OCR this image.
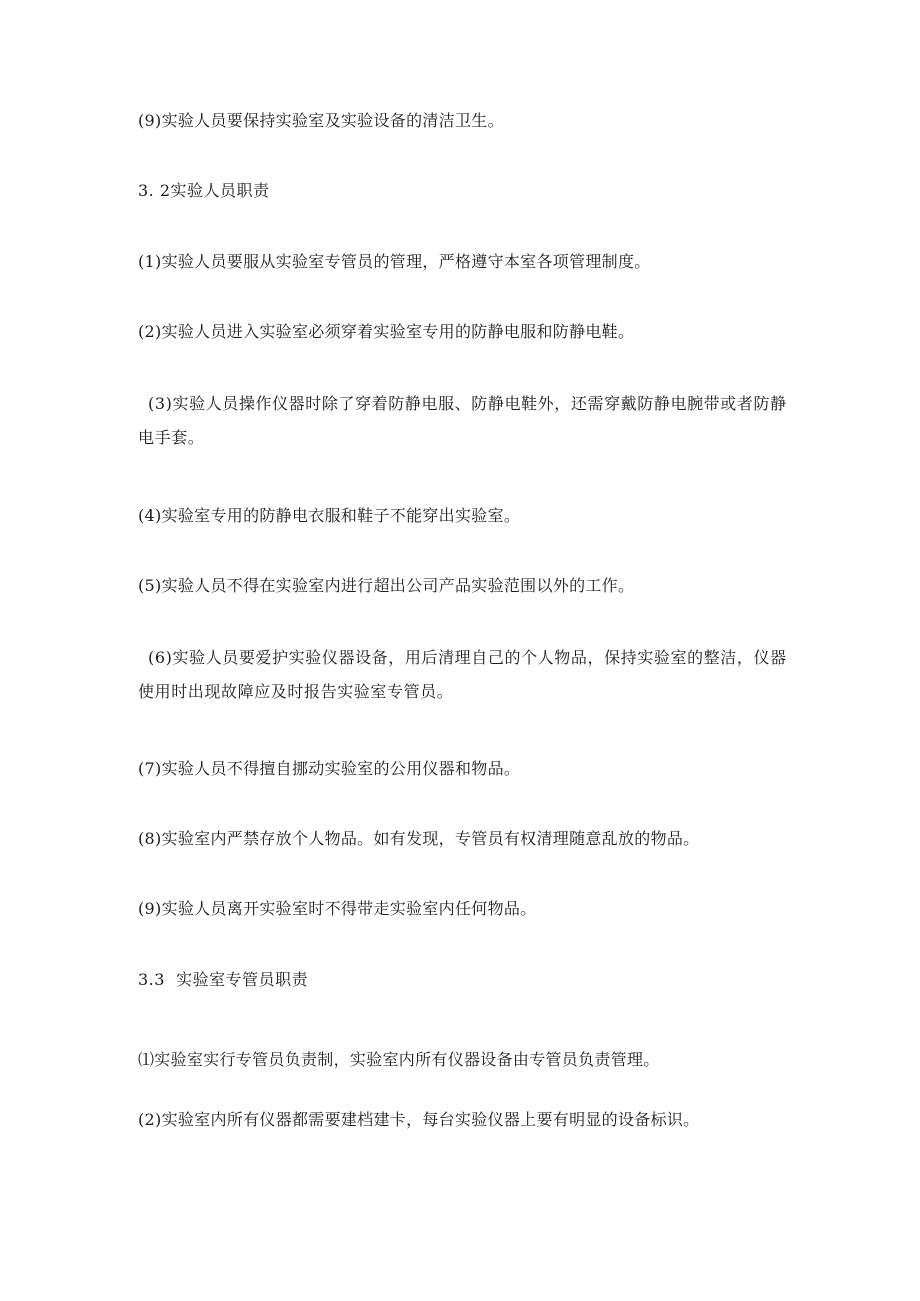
(9)实验人员要保持实验室及实验设备的清洁卫生。
3. 2实验人员职责
(1)实验人员要服从实验室专管员的管理，严格遵守本室各项管理制度。
(2)实验人员进入实验室必须穿着实验室专用的防静电服和防静电鞋。
(3)实验人员操作仪器时除了穿着防静电服、防静电鞋外，还需穿戴防静电腕带或者防静电手套。
(4)实验室专用的防静电衣服和鞋子不能穿出实验室。
(5)实验人员不得在实验室内进行超出公司产品实验范围以外的工作。
(6)实验人员要爱护实验仪器设备，用后清理自己的个人物品，保持实验室的整洁，仪器使用时出现故障应及时报告实验室专管员。
(7)实验人员不得擅自挪动实验室的公用仪器和物品。
(8)实验室内严禁存放个人物品。如有发现，专管员有权清理随意乱放的物品。
(9)实验人员离开实验室时不得带走实验室内任何物品。
3.3  实验室专管员职责
⑴实验室实行专管员负责制，实验室内所有仪器设备由专管员负责管理。
(2)实验室内所有仪器都需要建档建卡，每台实验仪器上要有明显的设备标识。
